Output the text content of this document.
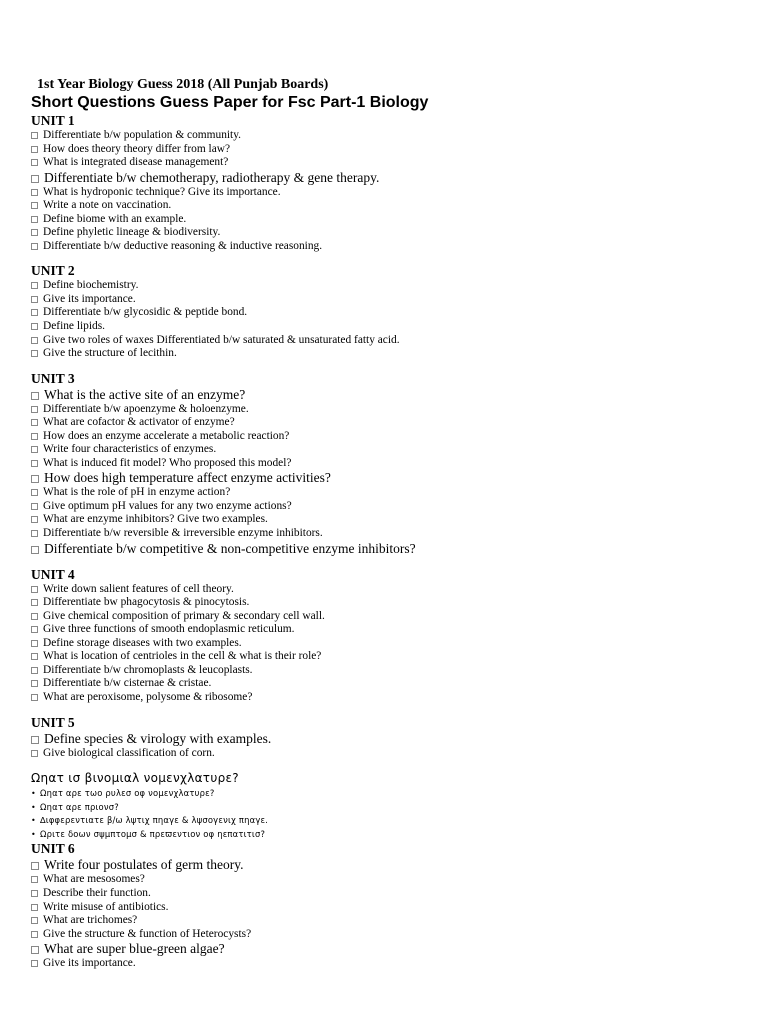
1st Year Biology Guess 2018 (All Punjab Boards)
Short Questions Guess Paper for Fsc Part-1 Biology
UNIT 1
Differentiate b/w population & community.
How does theory theory differ from law?
What is integrated disease management?
Differentiate b/w chemotherapy, radiotherapy & gene therapy.
What is hydroponic technique? Give its importance.
Write a note on vaccination.
Define biome with an example.
Define phyletic lineage & biodiversity.
Differentiate b/w deductive reasoning & inductive reasoning.
UNIT 2
Define biochemistry.
Give its importance.
Differentiate b/w glycosidic & peptide bond.
Define lipids.
Give two roles of waxes Differentiated b/w saturated & unsaturated fatty acid.
Give the structure of lecithin.
UNIT 3
What is the active site of an enzyme?
Differentiate b/w apoenzyme & holoenzyme.
What are cofactor & activator of enzyme?
How does an enzyme accelerate a metabolic reaction?
Write four characteristics of enzymes.
What is induced fit model? Who proposed this model?
How does high temperature affect enzyme activities?
What is the role of pH in enzyme action?
Give optimum pH values for any two enzyme actions?
What are enzyme inhibitors? Give two examples.
Differentiate b/w reversible & irreversible enzyme inhibitors.
Differentiate b/w competitive & non-competitive enzyme inhibitors?
UNIT 4
Write down salient features of cell theory.
Differentiate bw phagocytosis & pinocytosis.
Give chemical composition of primary & secondary cell wall.
Give three functions of smooth endoplasmic reticulum.
Define storage diseases with two examples.
What is location of centrioles in the cell & what is their role?
Differentiate b/w chromoplasts & leucoplasts.
Differentiate b/w cisternae & cristae.
What are peroxisome, polysome & ribosome?
UNIT 5
Define species & virology with examples.
Give biological classification of corn.
Ωηατ ισ βινομιαλ νομενχλατυρε?
• Ωηατ αρε τωο ρυλεσ οφ νομενχλατυρε?
• Ωηατ αρε πριονσ?
• ∆ιφφερεντιατε β/ω λψτιχ πηαγε & λψσογενιχ πηαγε.
• Ωριτε δοων σψμπτομσ & πρεϖεντιον οφ ηεπατιτισ?
UNIT 6
Write four postulates of germ theory.
What are mesosomes?
Describe their function.
Write misuse of antibiotics.
What are trichomes?
Give the structure & function of Heterocysts?
What are super blue-green algae?
Give its importance.
